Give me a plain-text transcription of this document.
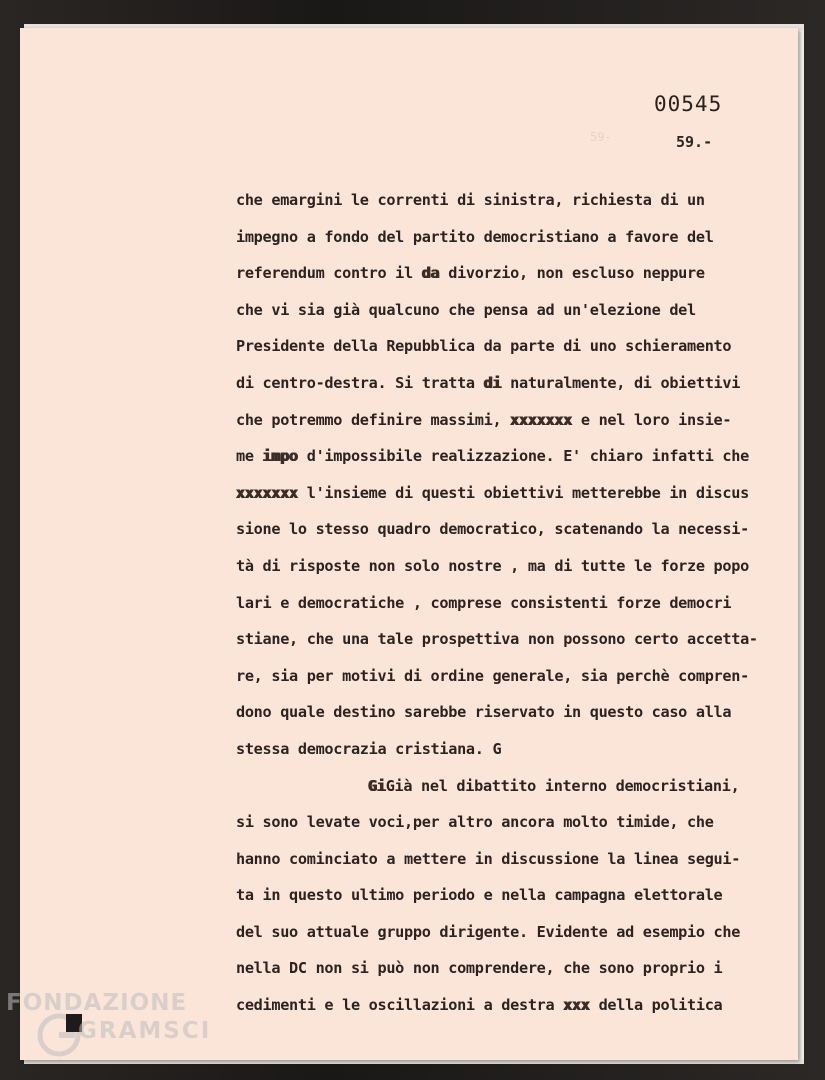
59-
00545
59.-
che emargini le correnti di sinistra, richiesta di un
impegno a fondo del partito democristiano a favore del
referendum contro il da divorzio, non escluso neppure
che vi sia già qualcuno che pensa ad un'elezione del
Presidente della Repubblica da parte di uno schieramento
di centro-destra. Si tratta di naturalmente, di obiettivi
che potremmo definire massimi, xxxxxxx e nel loro insie-
me impo d'impossibile realizzazione. E' chiaro infatti che
xxxxxxx l'insieme di questi obiettivi metterebbe in discus
sione lo stesso quadro democratico, scatenando la necessi-
tà di risposte non solo nostre , ma di tutte le forze popo
lari e democratiche , comprese consistenti forze democri
stiane, che una tale prospettiva non possono certo accetta-
re, sia per motivi di ordine generale, sia perchè compren-
dono quale destino sarebbe riservato in questo caso alla
stessa democrazia cristiana. G
GiGià nel dibattito interno democristiani,
si sono levate voci,per altro ancora molto timide, che
hanno cominciato a mettere in discussione la linea segui-
ta in questo ultimo periodo e nella campagna elettorale
del suo attuale gruppo dirigente. Evidente ad esempio che
nella DC non si può non comprendere, che sono proprio i
cedimenti e le oscillazioni a destra xxx della politica
FONDAZIONE
GRAMSCI
